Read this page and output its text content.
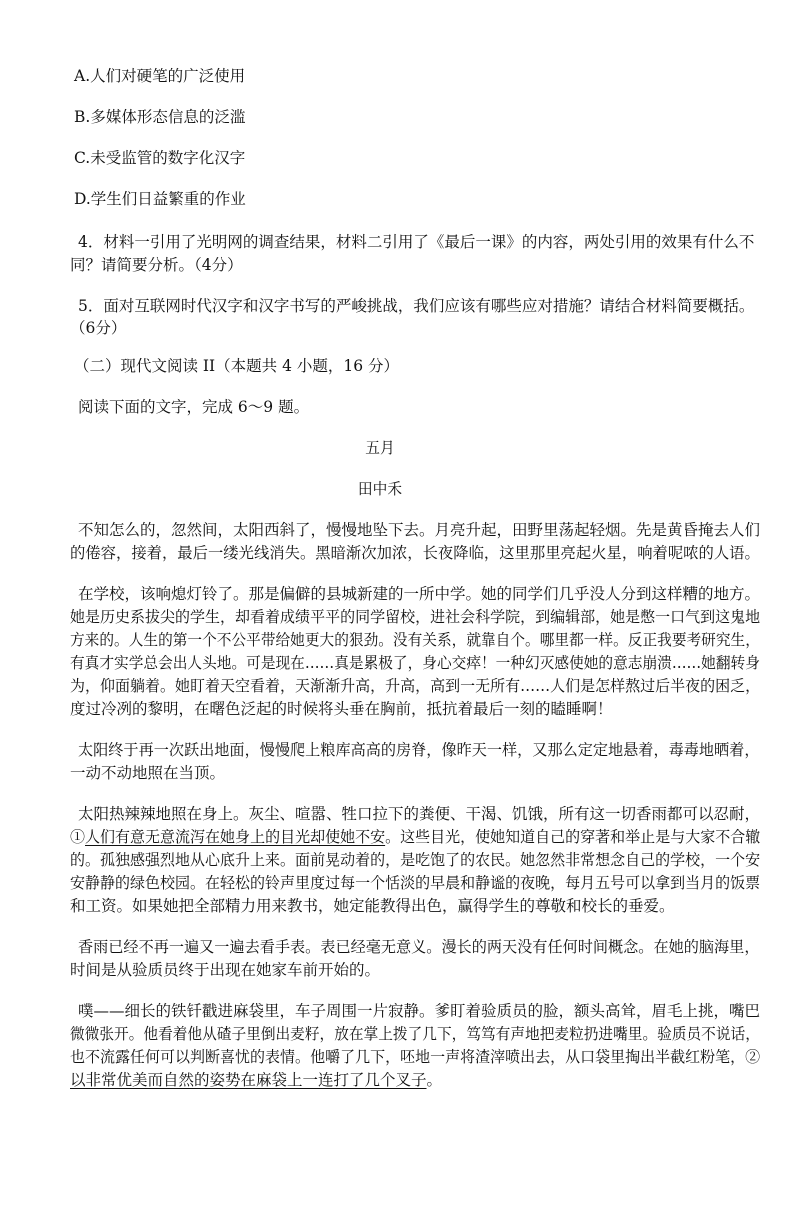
A.人们对硬笔的广泛使用
B.多媒体形态信息的泛滥
C.未受监管的数字化汉字
D.学生们日益繁重的作业
4．材料一引用了光明网的调查结果，材料二引用了《最后一课》的内容，两处引用的效果有什么不
同？请简要分析。（4分）
5．面对互联网时代汉字和汉字书写的严峻挑战，我们应该有哪些应对措施？请结合材料简要概括。
（6分）
（二）现代文阅读 II（本题共 4 小题，16 分）
阅读下面的文字，完成 6～9 题。
五月
田中禾
不知怎么的，忽然间，太阳西斜了，慢慢地坠下去。月亮升起，田野里荡起轻烟。先是黄昏掩去人们
的倦容，接着，最后一缕光线消失。黑暗渐次加浓，长夜降临，这里那里亮起火星，响着呢哝的人语。
在学校，该响熄灯铃了。那是偏僻的县城新建的一所中学。她的同学们几乎没人分到这样糟的地方。
她是历史系拔尖的学生，却看着成绩平平的同学留校，进社会科学院，到编辑部，她是憋一口气到这鬼地
方来的。人生的第一个不公平带给她更大的狠劲。没有关系，就靠自个。哪里都一样。反正我要考研究生，
有真才实学总会出人头地。可是现在……真是累极了，身心交瘁！一种幻灭感使她的意志崩溃……她翻转身
为，仰面躺着。她盯着天空看着，天渐渐升高，升高，高到一无所有……人们是怎样熬过后半夜的困乏，
度过冷冽的黎明，在曙色泛起的时候将头垂在胸前，抵抗着最后一刻的瞌睡啊！
太阳终于再一次跃出地面，慢慢爬上粮库高高的房脊，像昨天一样，又那么定定地悬着，毒毒地晒着，
一动不动地照在当顶。
太阳热辣辣地照在身上。灰尘、喧嚣、牲口拉下的粪便、干渴、饥饿，所有这一切香雨都可以忍耐，
①人们有意无意流泻在她身上的目光却使她不安。这些目光，使她知道自己的穿著和举止是与大家不合辙
的。孤独感强烈地从心底升上来。面前晃动着的，是吃饱了的农民。她忽然非常想念自己的学校，一个安
安静静的绿色校园。在轻松的铃声里度过每一个恬淡的早晨和静谧的夜晚，每月五号可以拿到当月的饭票
和工资。如果她把全部精力用来教书，她定能教得出色，赢得学生的尊敬和校长的垂爱。
香雨已经不再一遍又一遍去看手表。表已经毫无意义。漫长的两天没有任何时间概念。在她的脑海里，
时间是从验质员终于出现在她家车前开始的。
噗——细长的铁钎戳进麻袋里，车子周围一片寂静。爹盯着验质员的脸，额头高耸，眉毛上挑，嘴巴
微微张开。他看着他从碴子里倒出麦籽，放在掌上拨了几下，笃笃有声地把麦粒扔进嘴里。验质员不说话，
也不流露任何可以判断喜忧的表情。他嚼了几下，呸地一声将渣滓喷出去，从口袋里掏出半截红粉笔，②
以非常优美而自然的姿势在麻袋上一连打了几个叉子。
